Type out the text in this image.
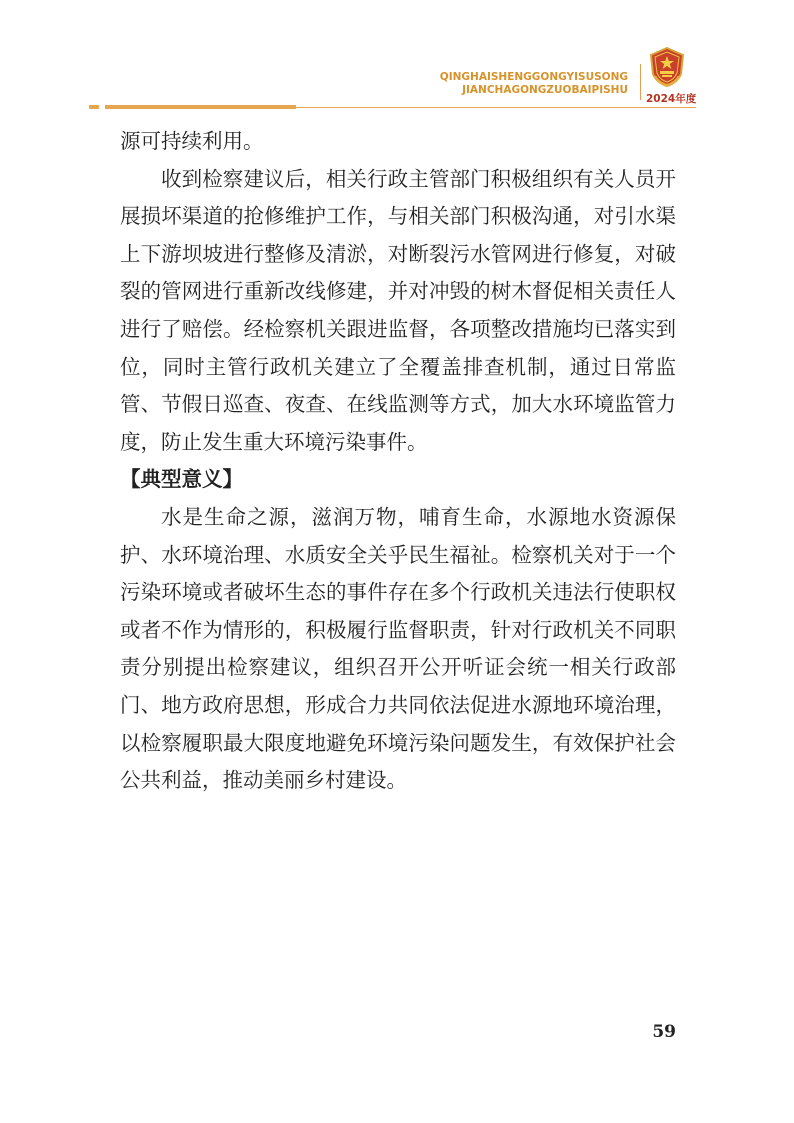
QINGHAISHENGGONGYISUSONG
JIANCHAGONGZUOBAIPISHU
2024年度

源可持续利用。

收到检察建议后，相关行政主管部门积极组织有关人员开展损坏渠道的抢修维护工作，与相关部门积极沟通，对引水渠上下游坝坡进行整修及清淤，对断裂污水管网进行修复，对破裂的管网进行重新改线修建，并对冲毁的树木督促相关责任人进行了赔偿。经检察机关跟进监督，各项整改措施均已落实到位，同时主管行政机关建立了全覆盖排查机制，通过日常监管、节假日巡查、夜查、在线监测等方式，加大水环境监管力度，防止发生重大环境污染事件。

【典型意义】

水是生命之源，滋润万物，哺育生命，水源地水资源保护、水环境治理、水质安全关乎民生福祉。检察机关对于一个污染环境或者破坏生态的事件存在多个行政机关违法行使职权或者不作为情形的，积极履行监督职责，针对行政机关不同职责分别提出检察建议，组织召开公开听证会统一相关行政部门、地方政府思想，形成合力共同依法促进水源地环境治理，以检察履职最大限度地避免环境污染问题发生，有效保护社会公共利益，推动美丽乡村建设。

59
